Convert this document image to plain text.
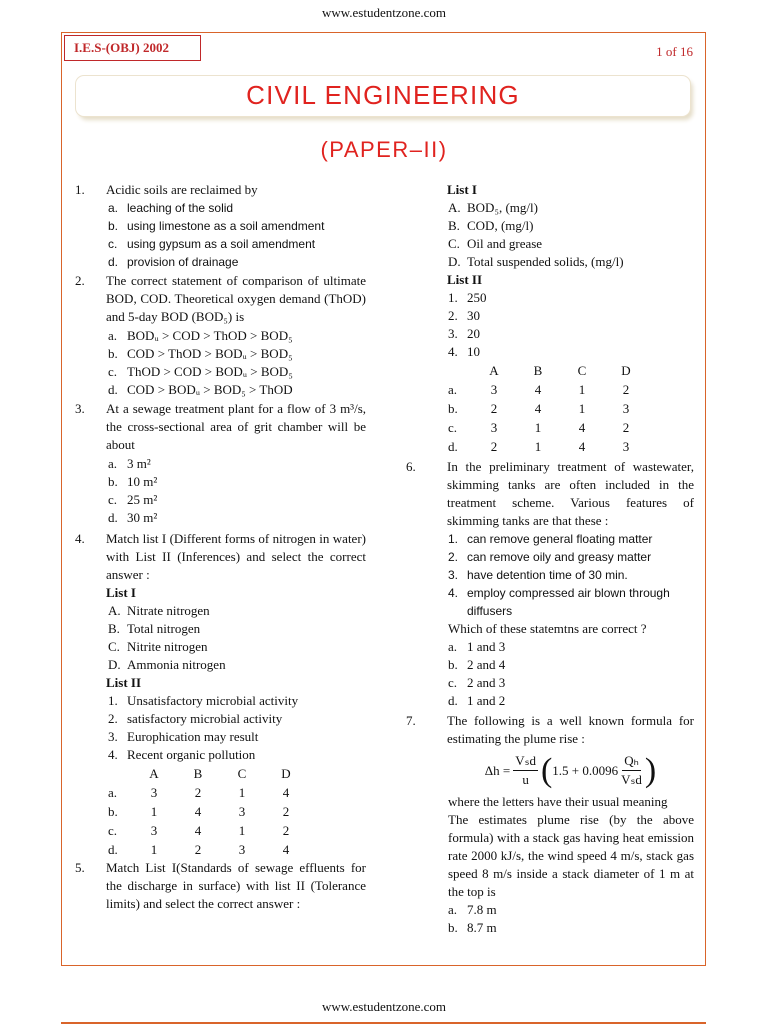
www.estudentzone.com
I.E.S-(OBJ) 2002	1 of 16
CIVIL ENGINEERING
(PAPER–II)
1. Acidic soils are reclaimed by
a. leaching of the solid
b. using limestone as a soil amendment
c. using gypsum as a soil amendment
d. provision of drainage
2. The correct statement of comparison of ultimate BOD, COD. Theoretical oxygen demand (ThOD) and 5-day BOD (BOD₅) is
a. BODᵤ > COD > ThOD > BOD₅
b. COD > ThOD > BODᵤ > BOD₅
c. ThOD > COD > BODᵤ > BOD₅
d. COD > BODᵤ > BOD₅ > ThOD
3. At a sewage treatment plant for a flow of 3 m³/s, the cross-sectional area of grit chamber will be about
a. 3 m²
b. 10 m²
c. 25 m²
d. 30 m²
4. Match list I (Different forms of nitrogen in water) with List II (Inferences) and select the correct answer :
List I
A. Nitrate nitrogen
B. Total nitrogen
C. Nitrite nitrogen
D. Ammonia nitrogen
List II
1. Unsatisfactory microbial activity
2. satisfactory microbial activity
3. Europhication may result
4. Recent organic pollution
	A	B	C	D
a.	3	2	1	4
b.	1	4	3	2
c.	3	4	1	2
d.	1	2	3	4
5. Match List I(Standards of sewage effluents for the discharge in surface) with list II (Tolerance limits) and select the correct answer :
List I
A. BOD₅, (mg/l)
B. COD, (mg/l)
C. Oil and grease
D. Total suspended solids, (mg/l)
List II
1. 250
2. 30
3. 20
4. 10
	A	B	C	D
a.	3	4	1	2
b.	2	4	1	3
c.	3	1	4	2
d.	2	1	4	3
6. In the preliminary treatment of wastewater, skimming tanks are often included in the treatment scheme. Various features of skimming tanks are that these :
1. can remove general floating matter
2. can remove oily and greasy matter
3. have detention time of 30 min.
4. employ compressed air blown through diffusers
Which of these statemtns are correct ?
a. 1 and 3
b. 2 and 4
c. 2 and 3
d. 1 and 2
7. The following is a well known formula for estimating the plume rise :
$\Delta h = \frac{\text{Vₛd}}{u}$ ( $1.5 + 0.0096 \frac{\text{Qₕ}}{\text{Vₛd}}$ )
where the letters have their usual meaning
The estimates plume rise (by the above formula) with a stack gas having heat emission rate 2000 kJ/s, the wind speed 4 m/s, stack gas speed 8 m/s inside a stack diameter of 1 m at the top is
a. 7.8 m
b. 8.7 m
www.estudentzone.com
